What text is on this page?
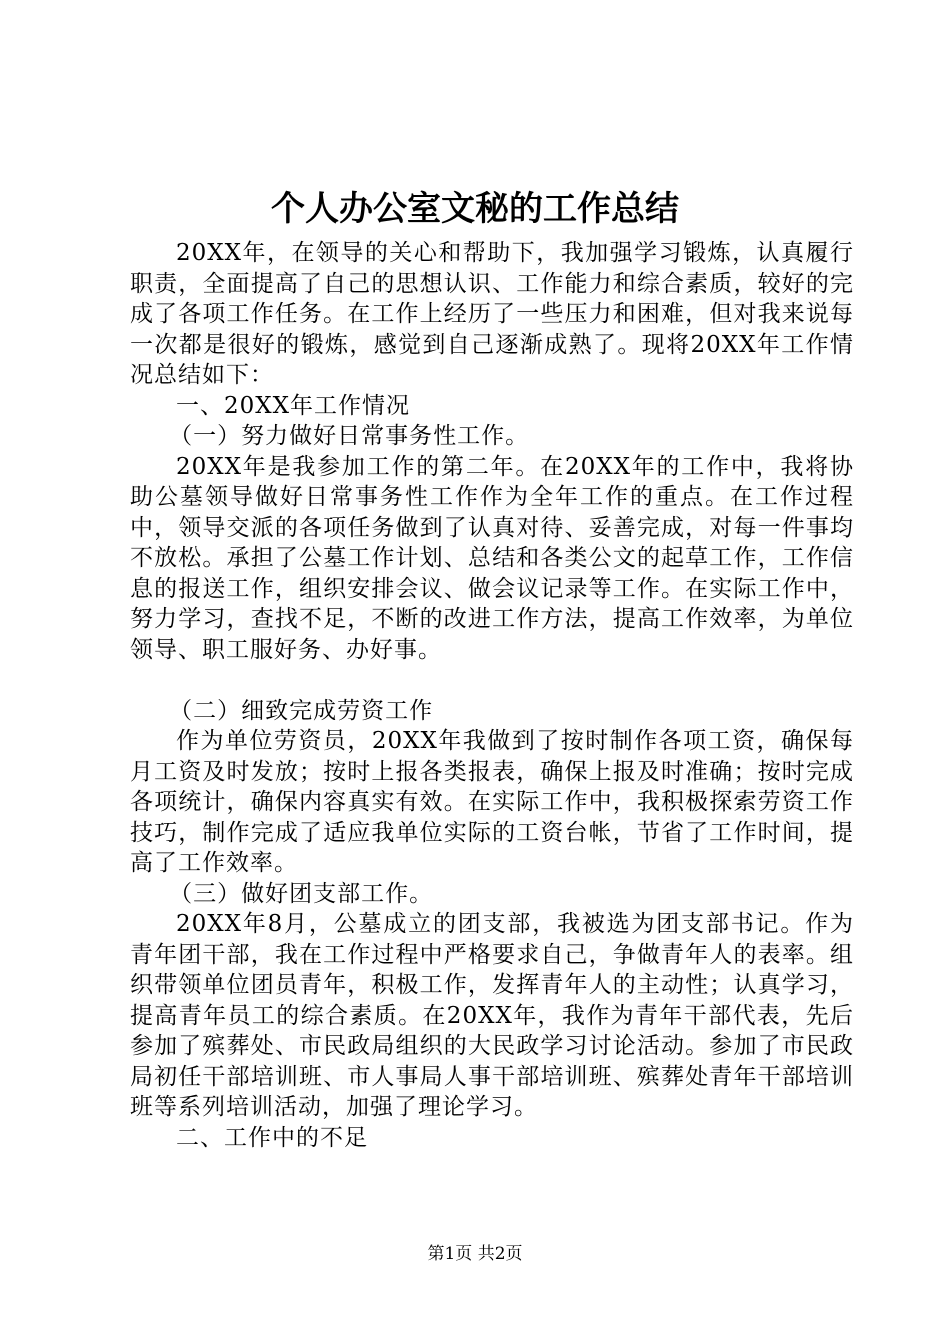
个人办公室文秘的工作总结

20XX年，在领导的关心和帮助下，我加强学习锻炼，认真履行职责，全面提高了自己的思想认识、工作能力和综合素质，较好的完成了各项工作任务。在工作上经历了一些压力和困难，但对我来说每一次都是很好的锻炼，感觉到自己逐渐成熟了。现将20XX年工作情况总结如下：

一、20XX年工作情况

（一）努力做好日常事务性工作。

20XX年是我参加工作的第二年。在20XX年的工作中，我将协助公墓领导做好日常事务性工作作为全年工作的重点。在工作过程中，领导交派的各项任务做到了认真对待、妥善完成，对每一件事均不放松。承担了公墓工作计划、总结和各类公文的起草工作，工作信息的报送工作，组织安排会议、做会议记录等工作。在实际工作中，努力学习，查找不足，不断的改进工作方法，提高工作效率，为单位领导、职工服好务、办好事。

（二）细致完成劳资工作

作为单位劳资员，20XX年我做到了按时制作各项工资，确保每月工资及时发放；按时上报各类报表，确保上报及时准确；按时完成各项统计，确保内容真实有效。在实际工作中，我积极探索劳资工作技巧，制作完成了适应我单位实际的工资台帐，节省了工作时间，提高了工作效率。

（三）做好团支部工作。

20XX年8月，公墓成立的团支部，我被选为团支部书记。作为青年团干部，我在工作过程中严格要求自己，争做青年人的表率。组织带领单位团员青年，积极工作，发挥青年人的主动性；认真学习，提高青年员工的综合素质。在20XX年，我作为青年干部代表，先后参加了殡葬处、市民政局组织的大民政学习讨论活动。参加了市民政局初任干部培训班、市人事局人事干部培训班、殡葬处青年干部培训班等系列培训活动，加强了理论学习。

二、工作中的不足

第1页 共2页
